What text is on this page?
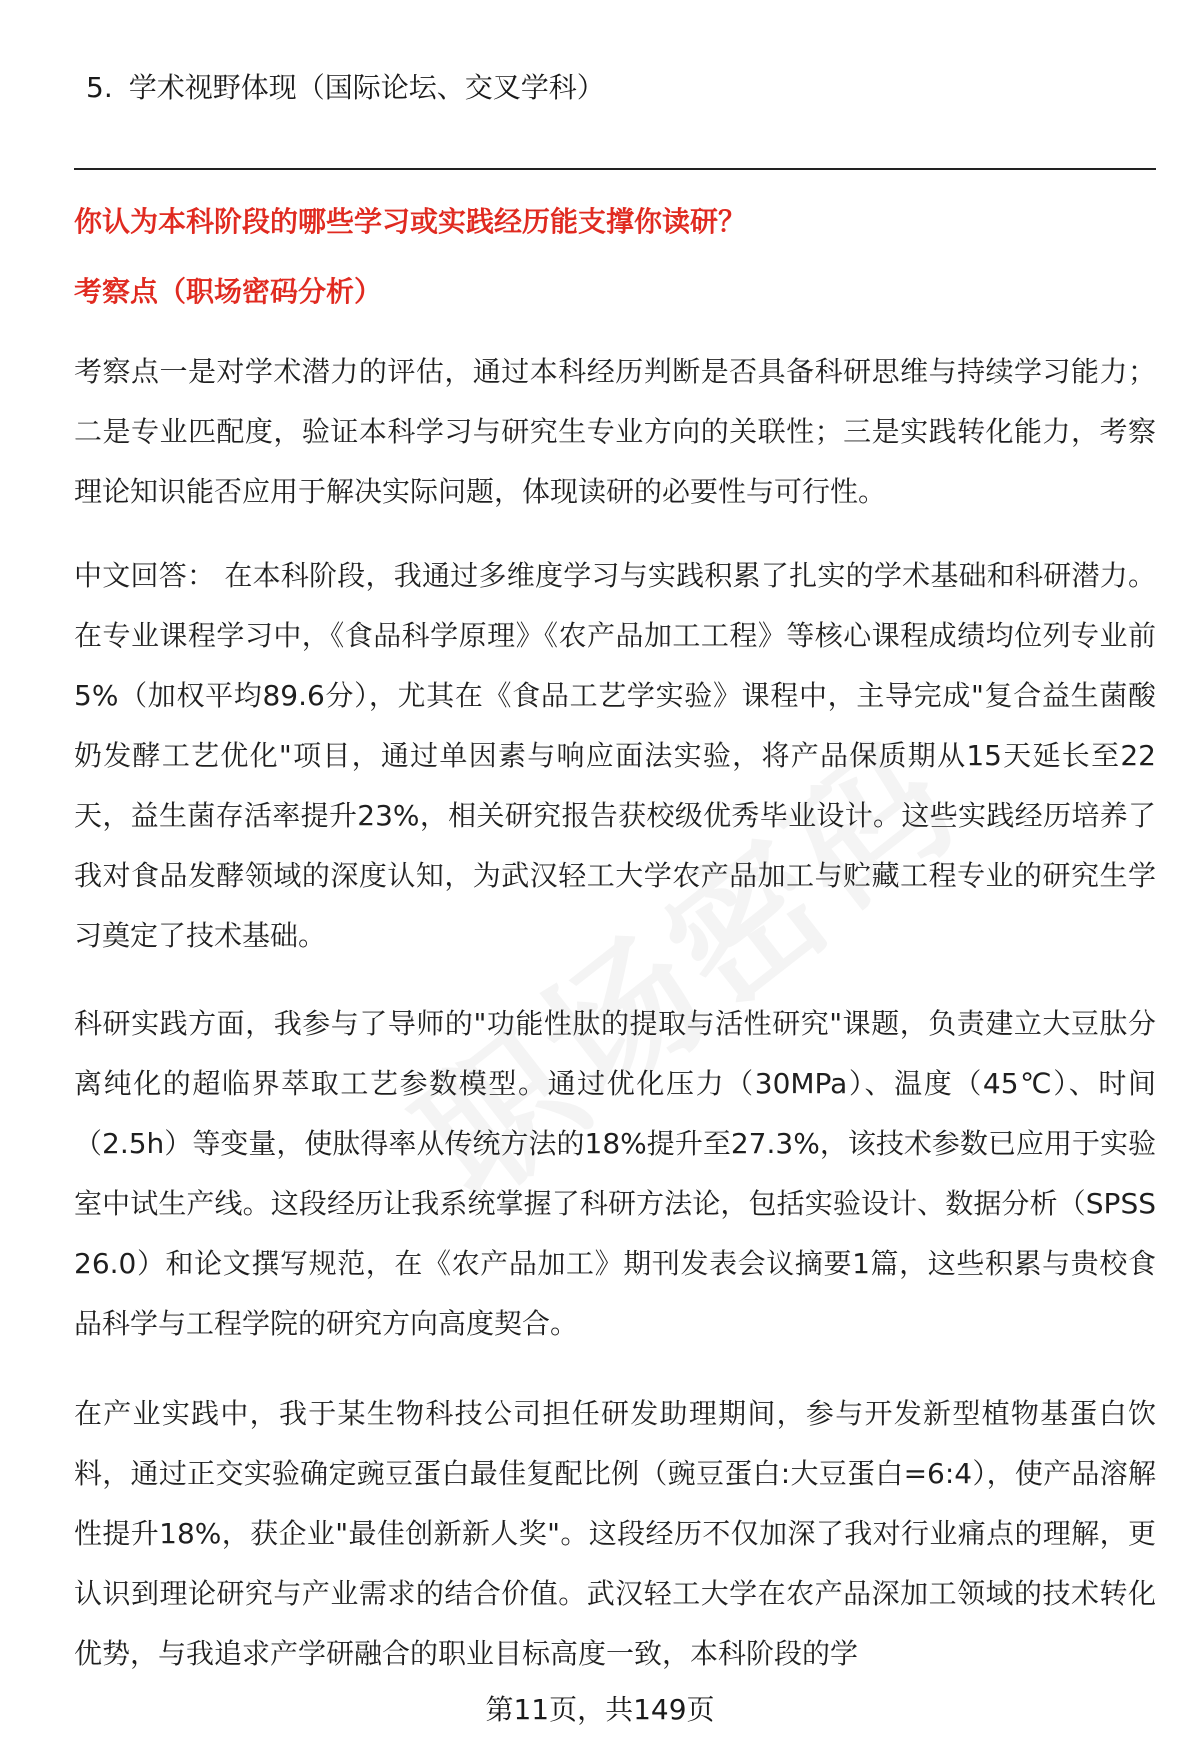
5. 学术视野体现（国际论坛、交叉学科）
你认为本科阶段的哪些学习或实践经历能支撑你读研？
考察点（职场密码分析）

考察点一是对学术潜力的评估，通过本科经历判断是否具备科研思维与持续学习能力；二是专业匹配度，验证本科学习与研究生专业方向的关联性；三是实践转化能力，考察理论知识能否应用于解决实际问题，体现读研的必要性与可行性。

中文回答： 在本科阶段，我通过多维度学习与实践积累了扎实的学术基础和科研潜力。在专业课程学习中，《食品科学原理》《农产品加工工程》等核心课程成绩均位列专业前5%（加权平均89.6分），尤其在《食品工艺学实验》课程中，主导完成"复合益生菌酸奶发酵工艺优化"项目，通过单因素与响应面法实验，将产品保质期从15天延长至22天，益生菌存活率提升23%，相关研究报告获校级优秀毕业设计。这些实践经历培养了我对食品发酵领域的深度认知，为武汉轻工大学农产品加工与贮藏工程专业的研究生学习奠定了技术基础。

科研实践方面，我参与了导师的"功能性肽的提取与活性研究"课题，负责建立大豆肽分离纯化的超临界萃取工艺参数模型。通过优化压力（30MPa）、温度（45℃）、时间（2.5h）等变量，使肽得率从传统方法的18%提升至27.3%，该技术参数已应用于实验室中试生产线。这段经历让我系统掌握了科研方法论，包括实验设计、数据分析（SPSS 26.0）和论文撰写规范，在《农产品加工》期刊发表会议摘要1篇，这些积累与贵校食品科学与工程学院的研究方向高度契合。

在产业实践中，我于某生物科技公司担任研发助理期间，参与开发新型植物基蛋白饮料，通过正交实验确定豌豆蛋白最佳复配比例（豌豆蛋白:大豆蛋白=6:4），使产品溶解性提升18%，获企业"最佳创新新人奖"。这段经历不仅加深了我对行业痛点的理解，更认识到理论研究与产业需求的结合价值。武汉轻工大学在农产品深加工领域的技术转化优势，与我追求产学研融合的职业目标高度一致，本科阶段的学

第11页，共149页
